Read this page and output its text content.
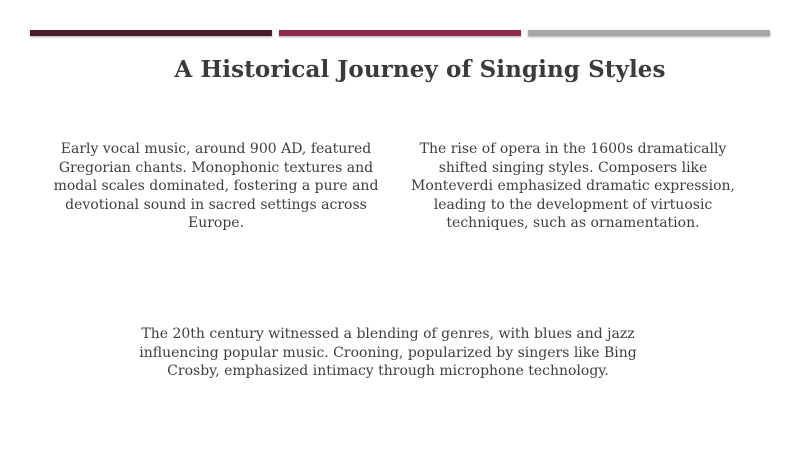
A Historical Journey of Singing Styles
Early vocal music, around 900 AD, featured Gregorian chants. Monophonic textures and modal scales dominated, fostering a pure and devotional sound in sacred settings across Europe.
The rise of opera in the 1600s dramatically shifted singing styles. Composers like Monteverdi emphasized dramatic expression, leading to the development of virtuosic techniques, such as ornamentation.
The 20th century witnessed a blending of genres, with blues and jazz influencing popular music. Crooning, popularized by singers like Bing Crosby, emphasized intimacy through microphone technology.
